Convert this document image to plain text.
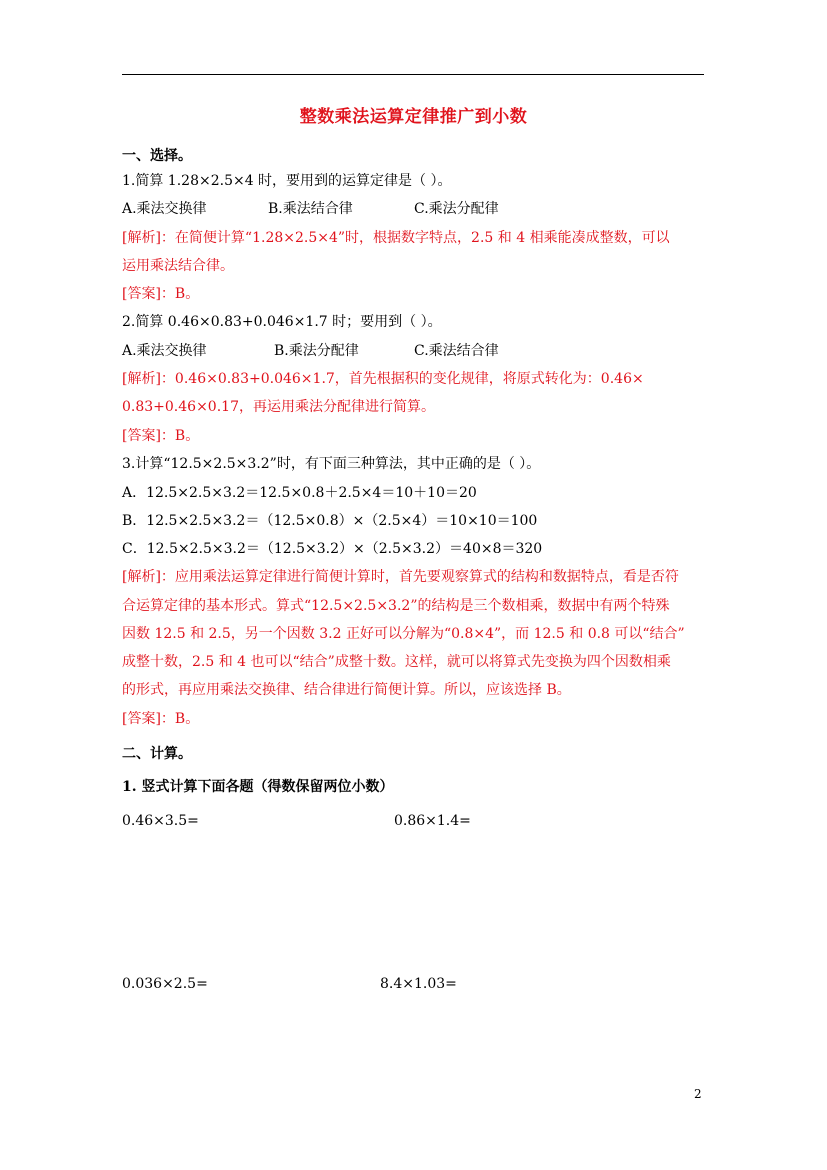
整数乘法运算定律推广到小数
一、选择。
1.简算 1.28×2.5×4 时，要用到的运算定律是（ ）。
A.乘法交换律	B.乘法结合律	C.乘法分配律
[解析]：在简便计算“1.28×2.5×4”时，根据数字特点，2.5 和 4 相乘能凑成整数，可以
运用乘法结合律。
[答案]：B。
2.简算 0.46×0.83+0.046×1.7 时；要用到（ ）。
A.乘法交换律	B.乘法分配律	C.乘法结合律
[解析]：0.46×0.83+0.046×1.7，首先根据积的变化规律，将原式转化为：0.46×
0.83+0.46×0.17，再运用乘法分配律进行简算。
[答案]：B。
3.计算“12.5×2.5×3.2”时，有下面三种算法，其中正确的是（ ）。
A．12.5×2.5×3.2＝12.5×0.8＋2.5×4＝10＋10＝20
B．12.5×2.5×3.2＝（12.5×0.8）×（2.5×4）＝10×10＝100
C．12.5×2.5×3.2＝（12.5×3.2）×（2.5×3.2）＝40×8＝320
[解析]：应用乘法运算定律进行简便计算时，首先要观察算式的结构和数据特点，看是否符
合运算定律的基本形式。算式“12.5×2.5×3.2”的结构是三个数相乘，数据中有两个特殊
因数 12.5 和 2.5，另一个因数 3.2 正好可以分解为“0.8×4”，而 12.5 和 0.8 可以“结合”
成整十数，2.5 和 4 也可以“结合”成整十数。这样，就可以将算式先变换为四个因数相乘
的形式，再应用乘法交换律、结合律进行简便计算。所以，应该选择 B。
[答案]：B。
二、计算。
1. 竖式计算下面各题（得数保留两位小数）
0.46×3.5=	0.86×1.4=
0.036×2.5=	8.4×1.03=
2
